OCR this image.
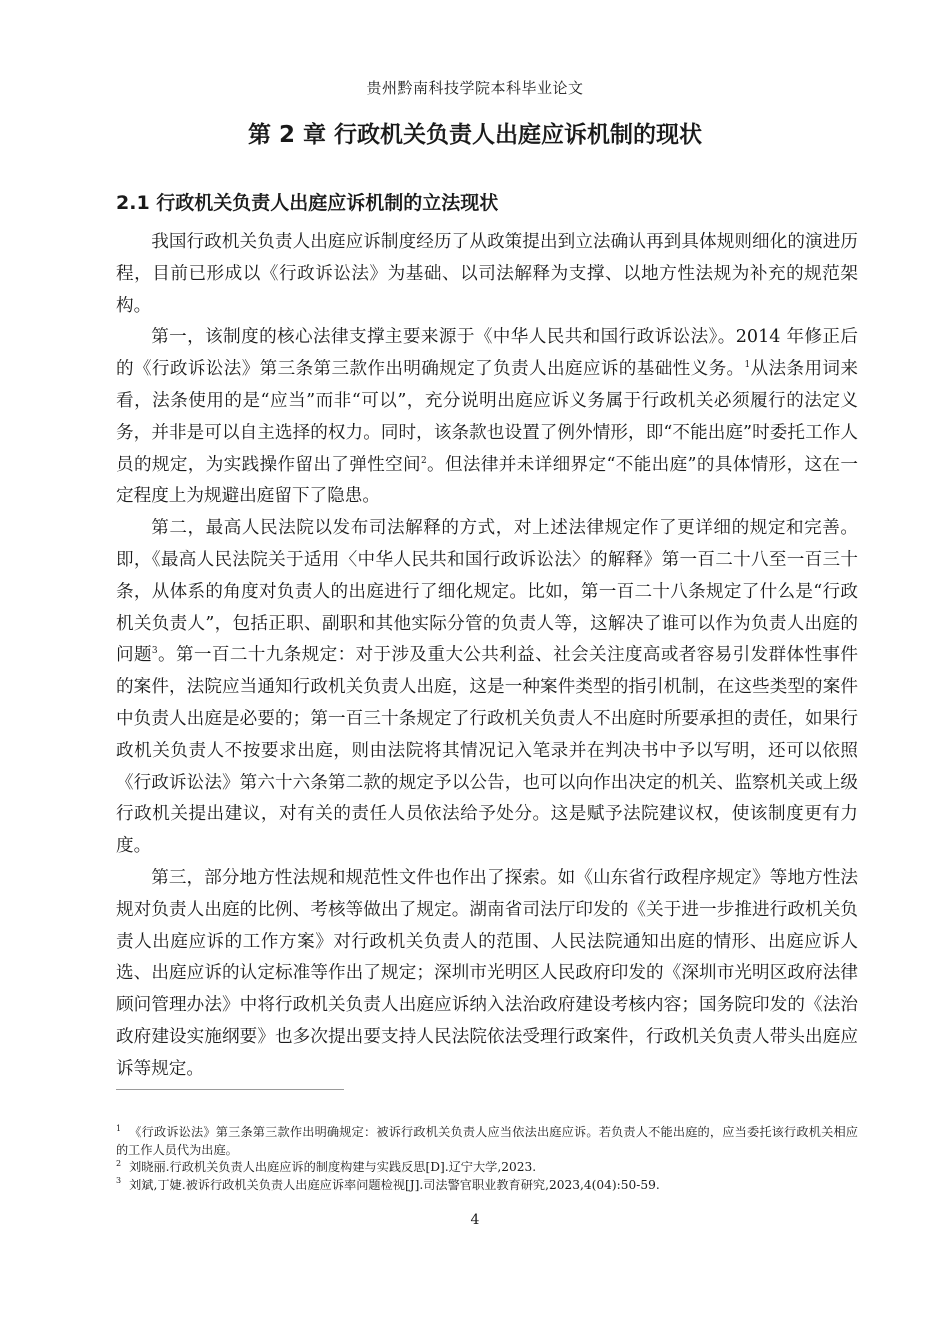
贵州黔南科技学院本科毕业论文
第 2 章 行政机关负责人出庭应诉机制的现状
2.1 行政机关负责人出庭应诉机制的立法现状

我国行政机关负责人出庭应诉制度经历了从政策提出到立法确认再到具体规则细化的演进历程，目前已形成以《行政诉讼法》为基础、以司法解释为支撑、以地方性法规为补充的规范架构。

第一，该制度的核心法律支撑主要来源于《中华人民共和国行政诉讼法》。2014 年修正后的《行政诉讼法》第三条第三款作出明确规定了负责人出庭应诉的基础性义务。$^1$从法条用词来看，法条使用的是“应当”而非“可以”，充分说明出庭应诉义务属于行政机关必须履行的法定义务，并非是可以自主选择的权力。同时，该条款也设置了例外情形，即“不能出庭”时委托工作人员的规定，为实践操作留出了弹性空间$^2$。但法律并未详细界定“不能出庭”的具体情形，这在一定程度上为规避出庭留下了隐患。

第二，最高人民法院以发布司法解释的方式，对上述法律规定作了更详细的规定和完善。即，《最高人民法院关于适用〈中华人民共和国行政诉讼法〉的解释》第一百二十八至一百三十条，从体系的角度对负责人的出庭进行了细化规定。比如，第一百二十八条规定了什么是“行政机关负责人”，包括正职、副职和其他实际分管的负责人等，这解决了谁可以作为负责人出庭的问题$^3$。第一百二十九条规定：对于涉及重大公共利益、社会关注度高或者容易引发群体性事件的案件，法院应当通知行政机关负责人出庭，这是一种案件类型的指引机制，在这些类型的案件中负责人出庭是必要的；第一百三十条规定了行政机关负责人不出庭时所要承担的责任，如果行政机关负责人不按要求出庭，则由法院将其情况记入笔录并在判决书中予以写明，还可以依照《行政诉讼法》第六十六条第二款的规定予以公告，也可以向作出决定的机关、监察机关或上级行政机关提出建议，对有关的责任人员依法给予处分。这是赋予法院建议权，使该制度更有力度。

第三，部分地方性法规和规范性文件也作出了探索。如《山东省行政程序规定》等地方性法规对负责人出庭的比例、考核等做出了规定。湖南省司法厅印发的《关于进一步推进行政机关负责人出庭应诉的工作方案》对行政机关负责人的范围、人民法院通知出庭的情形、出庭应诉人选、出庭应诉的认定标准等作出了规定；深圳市光明区人民政府印发的《深圳市光明区政府法律顾问管理办法》中将行政机关负责人出庭应诉纳入法治政府建设考核内容；国务院印发的《法治政府建设实施纲要》也多次提出要支持人民法院依法受理行政案件，行政机关负责人带头出庭应诉等规定。

$^1$ 《行政诉讼法》第三条第三款作出明确规定：被诉行政机关负责人应当依法出庭应诉。若负责人不能出庭的，应当委托该行政机关相应的工作人员代为出庭。

$^2$ 刘晓丽.行政机关负责人出庭应诉的制度构建与实践反思[D].辽宁大学,2023.

$^3$ 刘斌,丁婕.被诉行政机关负责人出庭应诉率问题检视[J].司法警官职业教育研究,2023,4(04):50-59.

4
